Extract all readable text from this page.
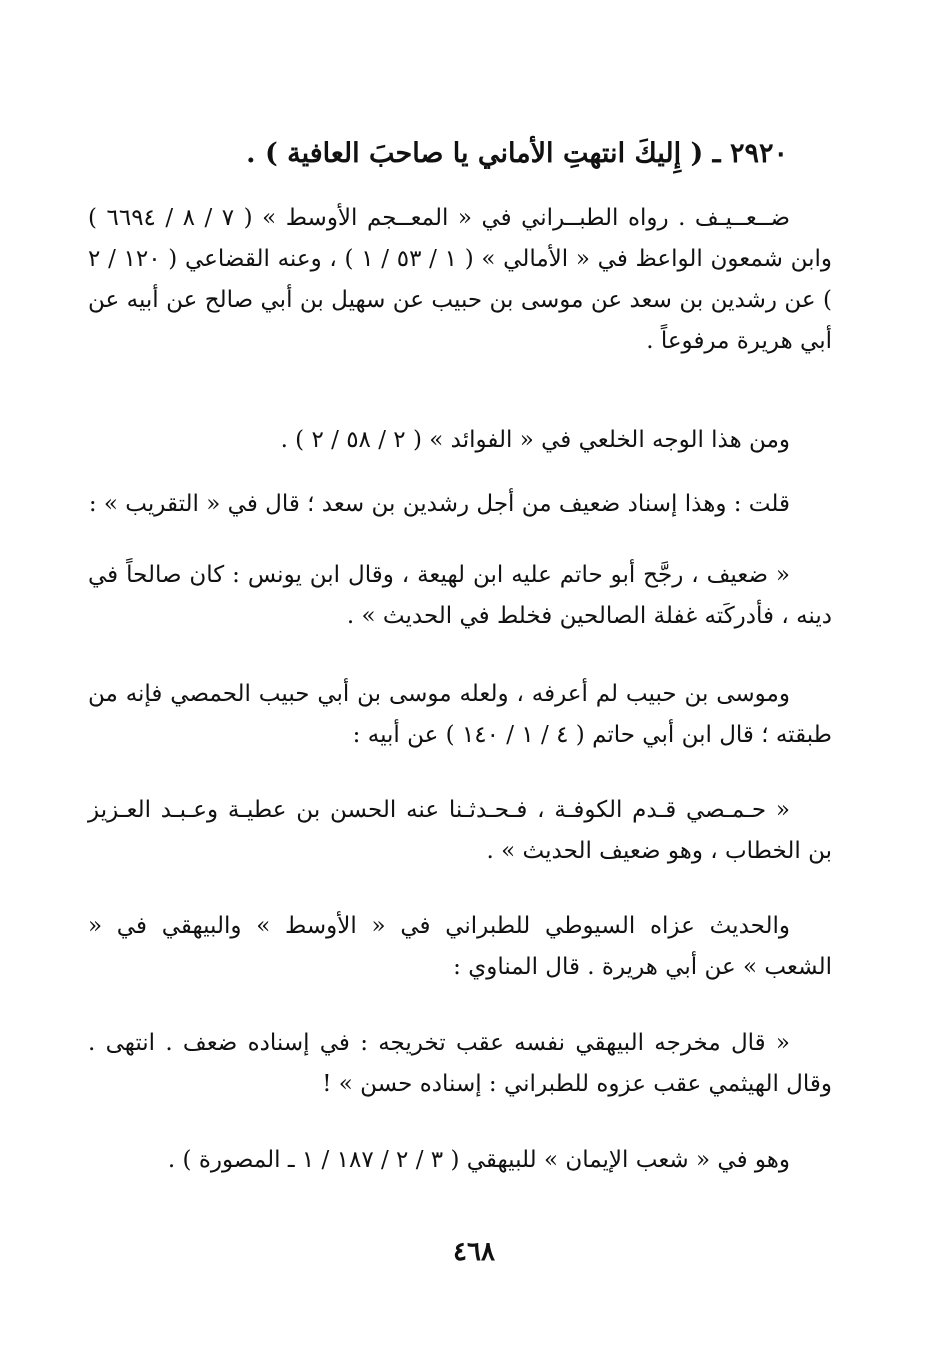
٢٩٢٠ ـ ( إِليكَ انتهتِ الأماني يا صاحبَ العافية ) .

ضــعــيـف . رواه الطبــراني في « المعــجم الأوسط » ( ٧ / ٨ / ٦٦٩٤ ) وابن شمعون الواعظ في « الأمالي » ( ١ / ٥٣ / ١ ) ، وعنه القضاعي ( ١٢٠ / ٢ ) عن رشدين بن سعد عن موسى بن حبيب عن سهيل بن أبي صالح عن أبيه عن أبي هريرة مرفوعاً .

ومن هذا الوجه الخلعي في « الفوائد » ( ٢ / ٥٨ / ٢ ) .

قلت : وهذا إسناد ضعيف من أجل رشدين بن سعد ؛ قال في « التقريب » :

« ضعيف ، رجَّح أبو حاتم عليه ابن لهيعة ، وقال ابن يونس : كان صالحاً في دينه ، فأدركَته غفلة الصالحين فخلط في الحديث » .

وموسى بن حبيب لم أعرفه ، ولعله موسى بن أبي حبيب الحمصي فإنه من طبقته ؛ قال ابن أبي حاتم ( ٤ / ١ / ١٤٠ ) عن أبيه :

« حـمـصي قـدم الكوفـة ، فـحـدثـنا عنه الحسن بن عطيـة وعـبـد العـزيز بن الخطاب ، وهو ضعيف الحديث » .

والحديث عزاه السيوطي للطبراني في « الأوسط » والبيهقي في « الشعب » عن أبي هريرة . قال المناوي :

« قال مخرجه البيهقي نفسه عقب تخريجه : في إسناده ضعف . انتهى . وقال الهيثمي عقب عزوه للطبراني : إسناده حسن » !

وهو في « شعب الإيمان » للبيهقي ( ٣ / ٢ / ١٨٧ / ١ ـ المصورة ) .

٤٦٨
